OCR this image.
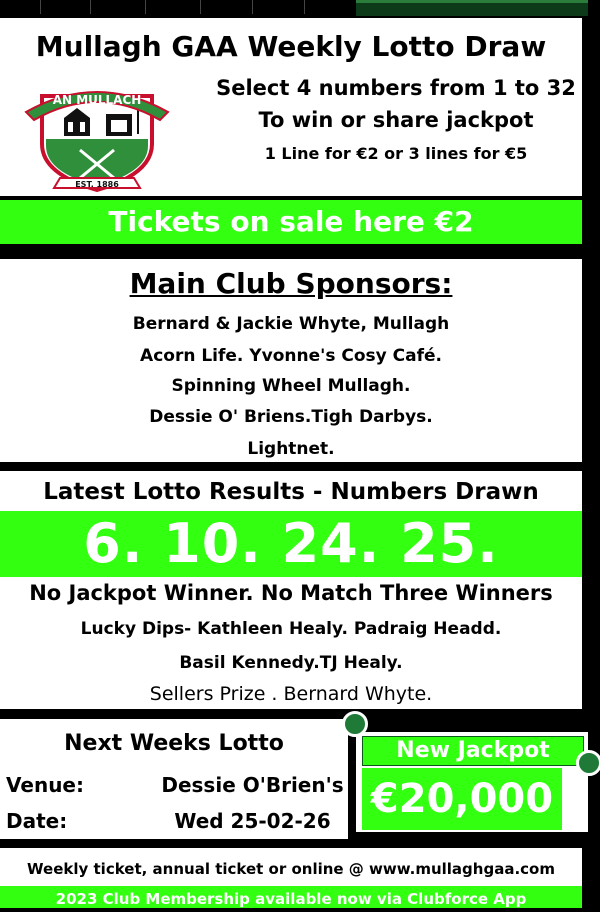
Mullagh GAA Weekly Lotto Draw
AN MULLACH
EST. 1886
Select 4 numbers from 1 to 32
To win or share jackpot
1 Line for €2 or 3 lines for €5
Tickets on sale here €2
Main Club Sponsors:
Bernard & Jackie Whyte, Mullagh
Acorn Life. Yvonne's Cosy Café.
Spinning Wheel Mullagh.
Dessie O' Briens.Tigh Darbys.
Lightnet.
Latest Lotto Results - Numbers Drawn
6. 10. 24. 25.
No Jackpot Winner. No Match Three Winners
Lucky Dips- Kathleen Healy. Padraig Headd.
Basil Kennedy.TJ Healy.
Sellers Prize . Bernard Whyte.
Next Weeks Lotto
Venue:	Dessie O'Brien's
Date:	Wed 25-02-26
New Jackpot
€20,000
Weekly ticket, annual ticket or online @ www.mullaghgaa.com
2023 Club Membership available now via Clubforce App
